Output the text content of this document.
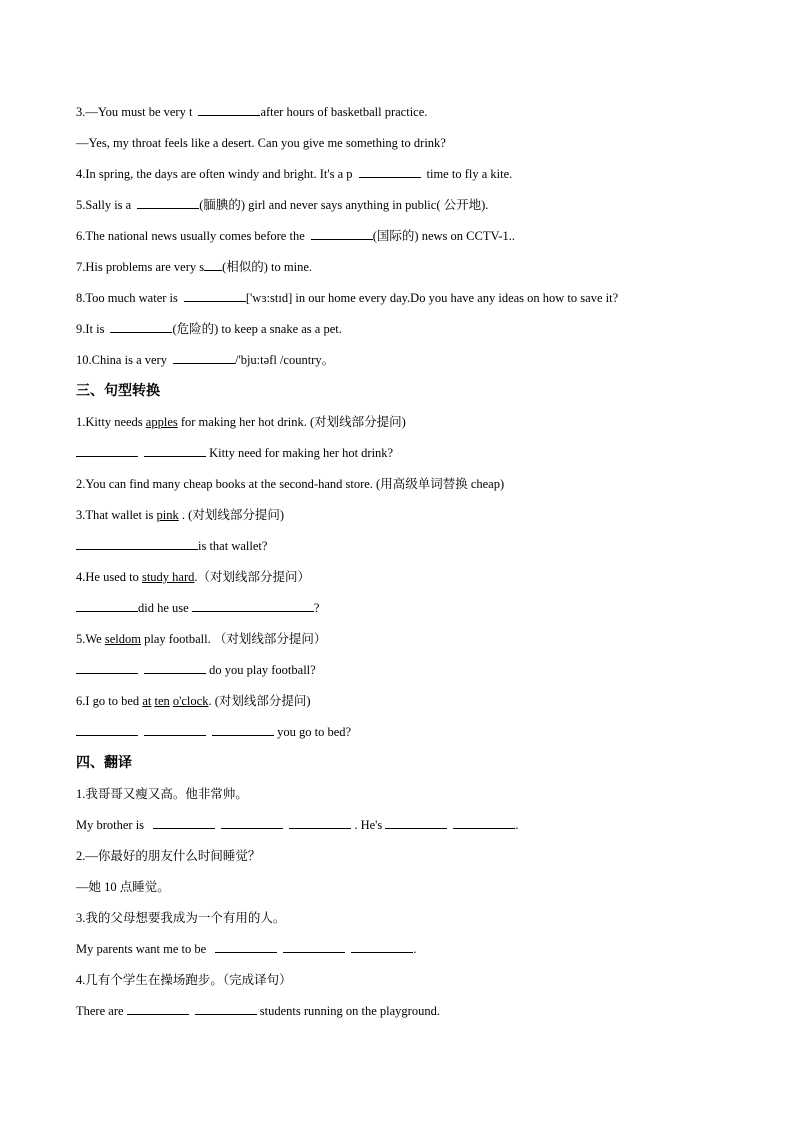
3.—You must be very t	after hours of basketball practice.
—Yes, my throat feels like a desert. Can you give me something to drink?
4.In spring, the days are often windy and bright. It's a p	time to fly a kite.
5.Sally is a	(腼腆的) girl and never says anything in public( 公开地).
6.The national news usually comes before the	(国际的) news on CCTV-1..
7.His problems are very s (相似的) to mine.
8.Too much water is	['wɜ:stɪd] in our home every day.Do you have any ideas on how to save it?
9.It is	(危险的) to keep a snake as a pet.
10.China is a very	/'bju:təfl /country。
三、句型转换
1.Kitty needs apples for making her hot drink. (对划线部分提问)
Kitty need for making her hot drink?
2.You can find many cheap books at the second-hand store. (用高级单词替换 cheap)
3.That wallet is pink . (对划线部分提问)
is that wallet?
4.He used to study hard.（对划线部分提问）
did he use	?
5.We seldom play football. （对划线部分提问）
do you play football?
6.I go to bed at ten o'clock. (对划线部分提问)
you go to bed?
四、翻译
1.我哥哥又瘦又高。他非常帅。
My brother is	. He's	.
2.—你最好的朋友什么时间睡觉？
—她 10 点睡觉。
3.我的父母想要我成为一个有用的人。
My parents want me to be	.
4.几有个学生在操场跑步。（完成译句）
There are	students running on the playground.
